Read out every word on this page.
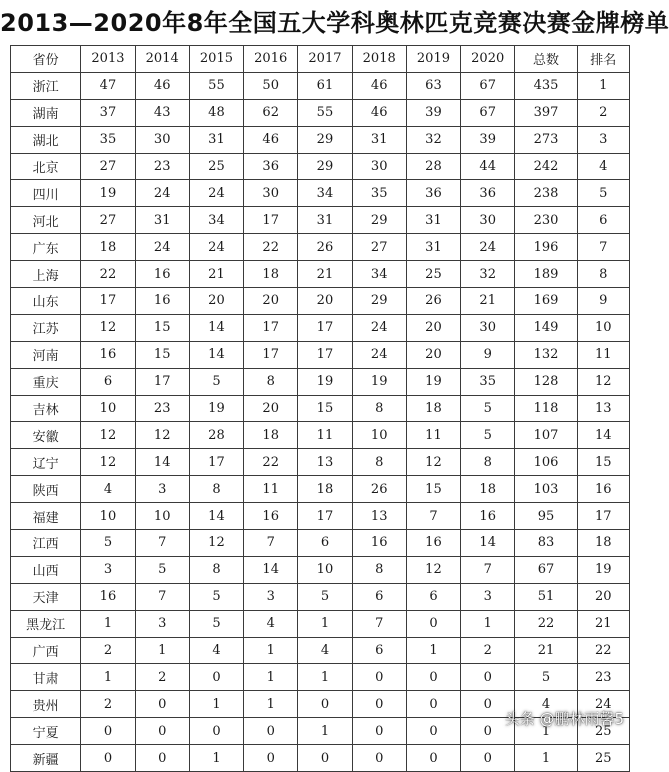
2013—2020年8年全国五大学科奥林匹克竞赛决赛金牌榜单
省份	2013	2014	2015	2016	2017	2018	2019	2020	总数	排名
浙江	47	46	55	50	61	46	63	67	435	1
湖南	37	43	48	62	55	46	39	67	397	2
湖北	35	30	31	46	29	31	32	39	273	3
北京	27	23	25	36	29	30	28	44	242	4
四川	19	24	24	30	34	35	36	36	238	5
河北	27	31	34	17	31	29	31	30	230	6
广东	18	24	24	22	26	27	31	24	196	7
上海	22	16	21	18	21	34	25	32	189	8
山东	17	16	20	20	20	29	26	21	169	9
江苏	12	15	14	17	17	24	20	30	149	10
河南	16	15	14	17	17	24	20	9	132	11
重庆	6	17	5	8	19	19	19	35	128	12
吉林	10	23	19	20	15	8	18	5	118	13
安徽	12	12	28	18	11	10	11	5	107	14
辽宁	12	14	17	22	13	8	12	8	106	15
陕西	4	3	8	11	18	26	15	18	103	16
福建	10	10	14	16	17	13	7	16	95	17
江西	5	7	12	7	6	16	16	14	83	18
山西	3	5	8	14	10	8	12	7	67	19
天津	16	7	5	3	5	6	6	3	51	20
黑龙江	1	3	5	4	1	7	0	1	22	21
广西	2	1	4	1	4	6	1	2	21	22
甘肃	1	2	0	1	1	0	0	0	5	23
贵州	2	0	1	1	0	0	0	0	4	24
宁夏	0	0	0	0	1	0	0	0	1	25
新疆	0	0	1	0	0	0	0	0	1	25
头条 @鹏林雨馨5
